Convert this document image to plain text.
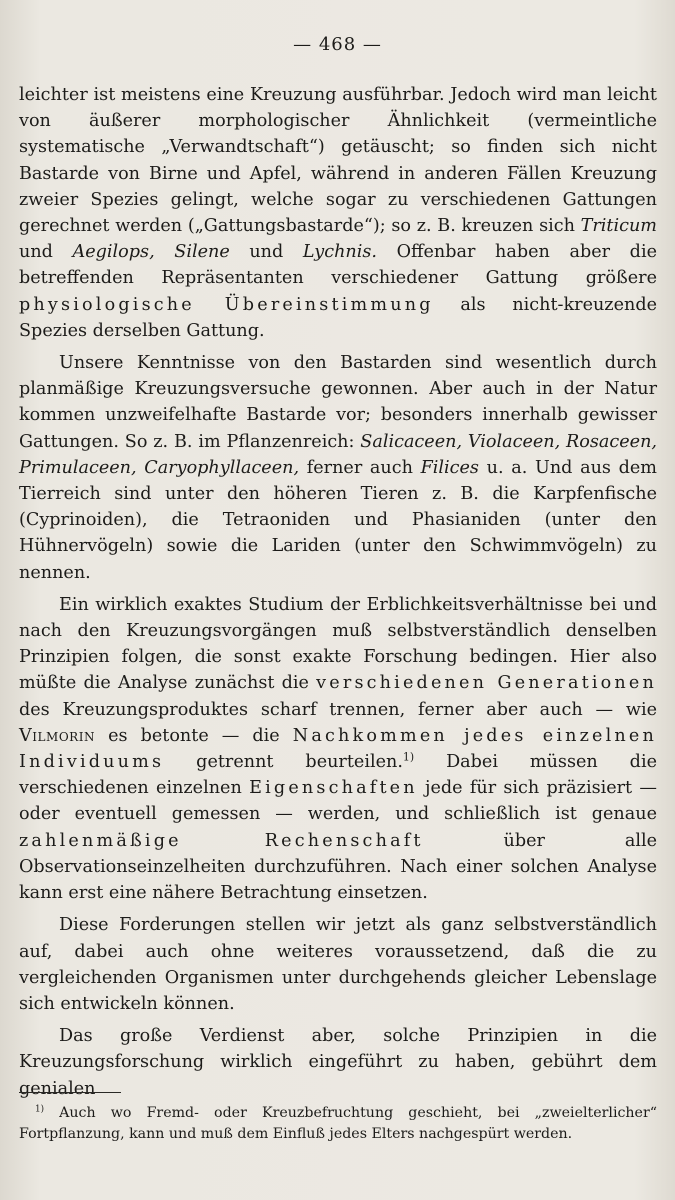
— 468 —

leichter ist meistens eine Kreuzung ausführbar. Jedoch wird man leicht von äußerer morphologischer Ähnlichkeit (vermeintliche systematische „Verwandtschaft“) getäuscht; so finden sich nicht Bastarde von Birne und Apfel, während in anderen Fällen Kreuzung zweier Spezies gelingt, welche sogar zu verschiedenen Gattungen gerechnet werden („Gattungsbastarde“); so z. B. kreuzen sich Triticum und Aegilops, Silene und Lychnis. Offenbar haben aber die betreffenden Repräsentanten verschiedener Gattung größere physiologische Übereinstimmung als nicht-kreuzende Spezies derselben Gattung.

Unsere Kenntnisse von den Bastarden sind wesentlich durch planmäßige Kreuzungsversuche gewonnen. Aber auch in der Natur kommen unzweifelhafte Bastarde vor; besonders innerhalb gewisser Gattungen. So z. B. im Pflanzenreich: Salicaceen, Violaceen, Rosaceen, Primulaceen, Caryophyllaceen, ferner auch Filices u. a. Und aus dem Tierreich sind unter den höheren Tieren z. B. die Karpfenfische (Cyprinoiden), die Tetraoniden und Phasianiden (unter den Hühnervögeln) sowie die Lariden (unter den Schwimmvögeln) zu nennen.

Ein wirklich exaktes Studium der Erblichkeitsverhältnisse bei und nach den Kreuzungsvorgängen muß selbstverständlich denselben Prinzipien folgen, die sonst exakte Forschung bedingen. Hier also müßte die Analyse zunächst die verschiedenen Generationen des Kreuzungsproduktes scharf trennen, ferner aber auch — wie Vilmorin es betonte — die Nachkommen jedes einzelnen Individuums getrennt beurteilen.$^{1)}$ Dabei müssen die verschiedenen einzelnen Eigenschaften jede für sich präzisiert — oder eventuell gemessen — werden, und schließlich ist genaue zahlenmäßige Rechenschaft über alle Observationseinzelheiten durchzuführen. Nach einer solchen Analyse kann erst eine nähere Betrachtung einsetzen.

Diese Forderungen stellen wir jetzt als ganz selbstverständlich auf, dabei auch ohne weiteres voraussetzend, daß die zu vergleichenden Organismen unter durchgehends gleicher Lebenslage sich entwickeln können.

Das große Verdienst aber, solche Prinzipien in die Kreuzungsforschung wirklich eingeführt zu haben, gebührt dem genialen

$^{1)}$ Auch wo Fremd- oder Kreuzbefruchtung geschieht, bei „zweielterlicher“ Fortpflanzung, kann und muß dem Einfluß jedes Elters nachgespürt werden.
